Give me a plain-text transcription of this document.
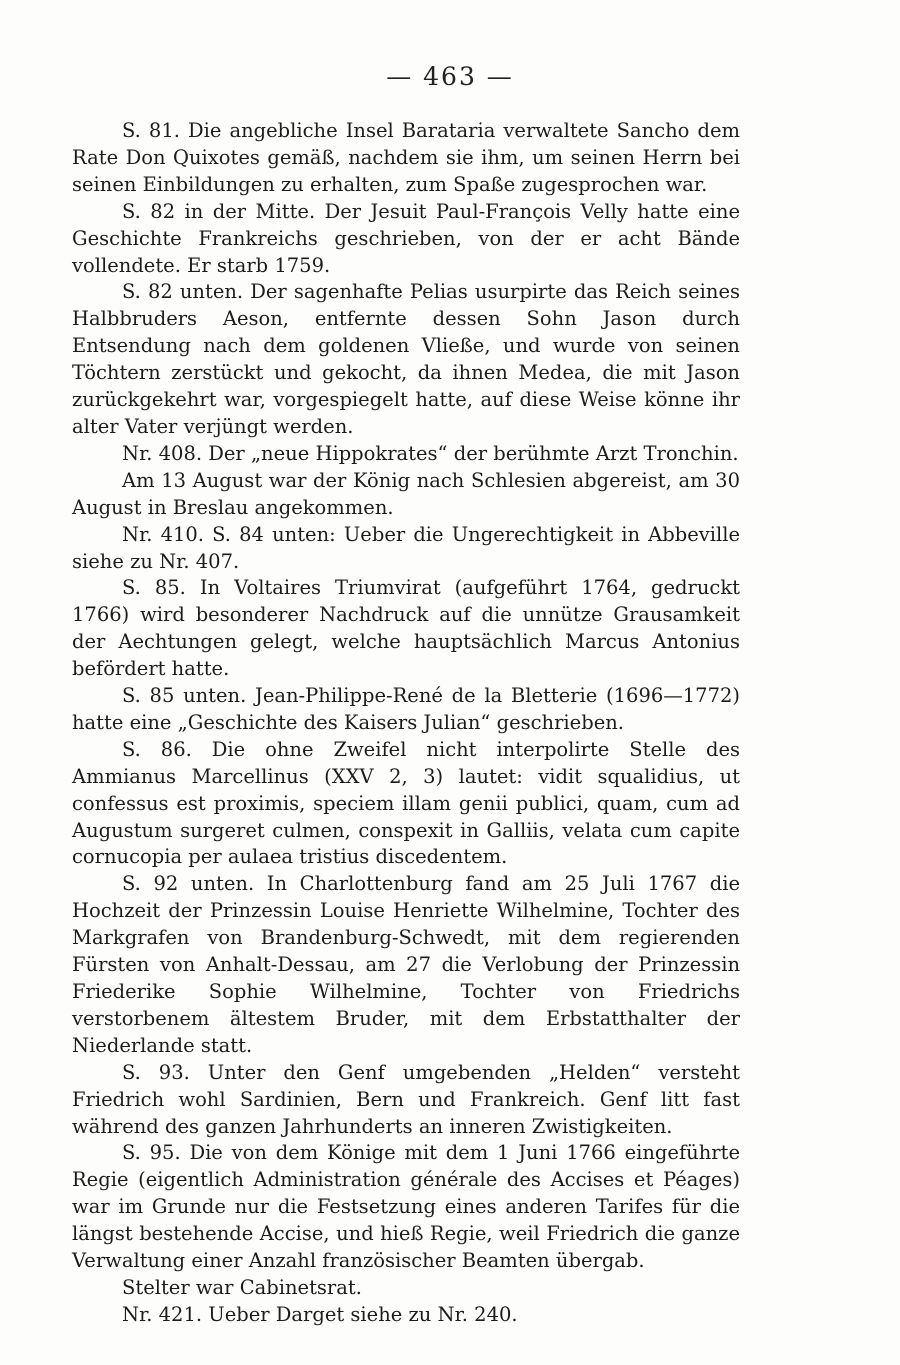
— 463 —

S. 81. Die angebliche Insel Barataria verwaltete Sancho dem Rate Don Quixotes gemäß, nachdem sie ihm, um seinen Herrn bei seinen Einbildungen zu erhalten, zum Spaße zugesprochen war.

S. 82 in der Mitte. Der Jesuit Paul-François Velly hatte eine Geschichte Frankreichs geschrieben, von der er acht Bände vollendete. Er starb 1759.

S. 82 unten. Der sagenhafte Pelias usurpirte das Reich seines Halbbruders Aeson, entfernte dessen Sohn Jason durch Entsendung nach dem goldenen Vließe, und wurde von seinen Töchtern zerstückt und gekocht, da ihnen Medea, die mit Jason zurückgekehrt war, vorgespiegelt hatte, auf diese Weise könne ihr alter Vater verjüngt werden.

Nr. 408. Der „neue Hippokrates“ der berühmte Arzt Tronchin.

Am 13 August war der König nach Schlesien abgereist, am 30 August in Breslau angekommen.

Nr. 410. S. 84 unten: Ueber die Ungerechtigkeit in Abbeville siehe zu Nr. 407.

S. 85. In Voltaires Triumvirat (aufgeführt 1764, gedruckt 1766) wird besonderer Nachdruck auf die unnütze Grausamkeit der Aechtungen gelegt, welche hauptsächlich Marcus Antonius befördert hatte.

S. 85 unten. Jean-Philippe-René de la Bletterie (1696—1772) hatte eine „Geschichte des Kaisers Julian“ geschrieben.

S. 86. Die ohne Zweifel nicht interpolirte Stelle des Ammianus Marcellinus (XXV 2, 3) lautet: vidit squalidius, ut confessus est proximis, speciem illam genii publici, quam, cum ad Augustum surgeret culmen, conspexit in Galliis, velata cum capite cornucopia per aulaea tristius discedentem.

S. 92 unten. In Charlottenburg fand am 25 Juli 1767 die Hochzeit der Prinzessin Louise Henriette Wilhelmine, Tochter des Markgrafen von Brandenburg-Schwedt, mit dem regierenden Fürsten von Anhalt-Dessau, am 27 die Verlobung der Prinzessin Friederike Sophie Wilhelmine, Tochter von Friedrichs verstorbenem ältestem Bruder, mit dem Erbstatthalter der Niederlande statt.

S. 93. Unter den Genf umgebenden „Helden“ versteht Friedrich wohl Sardinien, Bern und Frankreich. Genf litt fast während des ganzen Jahrhunderts an inneren Zwistigkeiten.

S. 95. Die von dem Könige mit dem 1 Juni 1766 eingeführte Regie (eigentlich Administration générale des Accises et Péages) war im Grunde nur die Festsetzung eines anderen Tarifes für die längst bestehende Accise, und hieß Regie, weil Friedrich die ganze Verwaltung einer Anzahl französischer Beamten übergab.

Stelter war Cabinetsrat.

Nr. 421. Ueber Darget siehe zu Nr. 240.
